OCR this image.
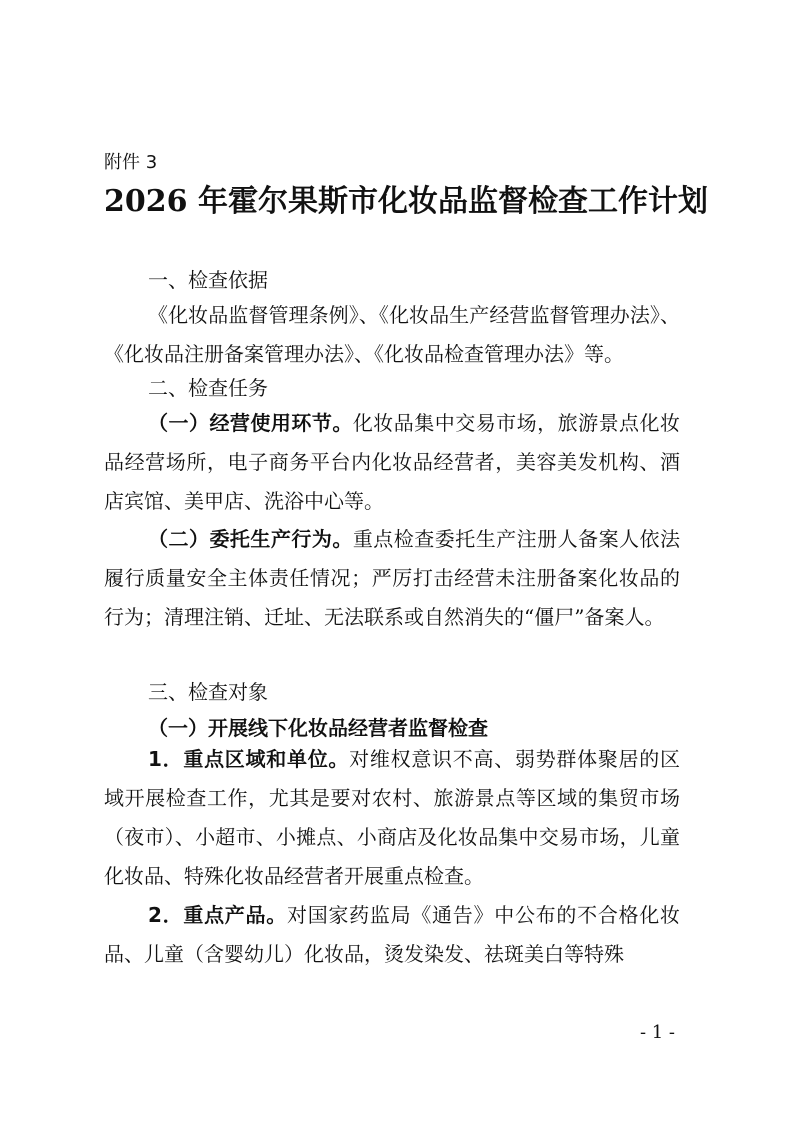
附件 3
2026 年霍尔果斯市化妆品监督检查工作计划
一、检查依据
《化妆品监督管理条例》、《化妆品生产经营监督管理办法》、《化妆品注册备案管理办法》、《化妆品检查管理办法》等。
二、检查任务
（一）经营使用环节。化妆品集中交易市场，旅游景点化妆品经营场所，电子商务平台内化妆品经营者，美容美发机构、酒店宾馆、美甲店、洗浴中心等。
（二）委托生产行为。重点检查委托生产注册人备案人依法履行质量安全主体责任情况；严厉打击经营未注册备案化妆品的行为；清理注销、迁址、无法联系或自然消失的“僵尸”备案人。
三、检查对象
（一）开展线下化妆品经营者监督检查
1．重点区域和单位。对维权意识不高、弱势群体聚居的区域开展检查工作，尤其是要对农村、旅游景点等区域的集贸市场（夜市）、小超市、小摊点、小商店及化妆品集中交易市场，儿童化妆品、特殊化妆品经营者开展重点检查。
2．重点产品。对国家药监局《通告》中公布的不合格化妆品、儿童（含婴幼儿）化妆品，烫发染发、祛斑美白等特殊
- 1 -
